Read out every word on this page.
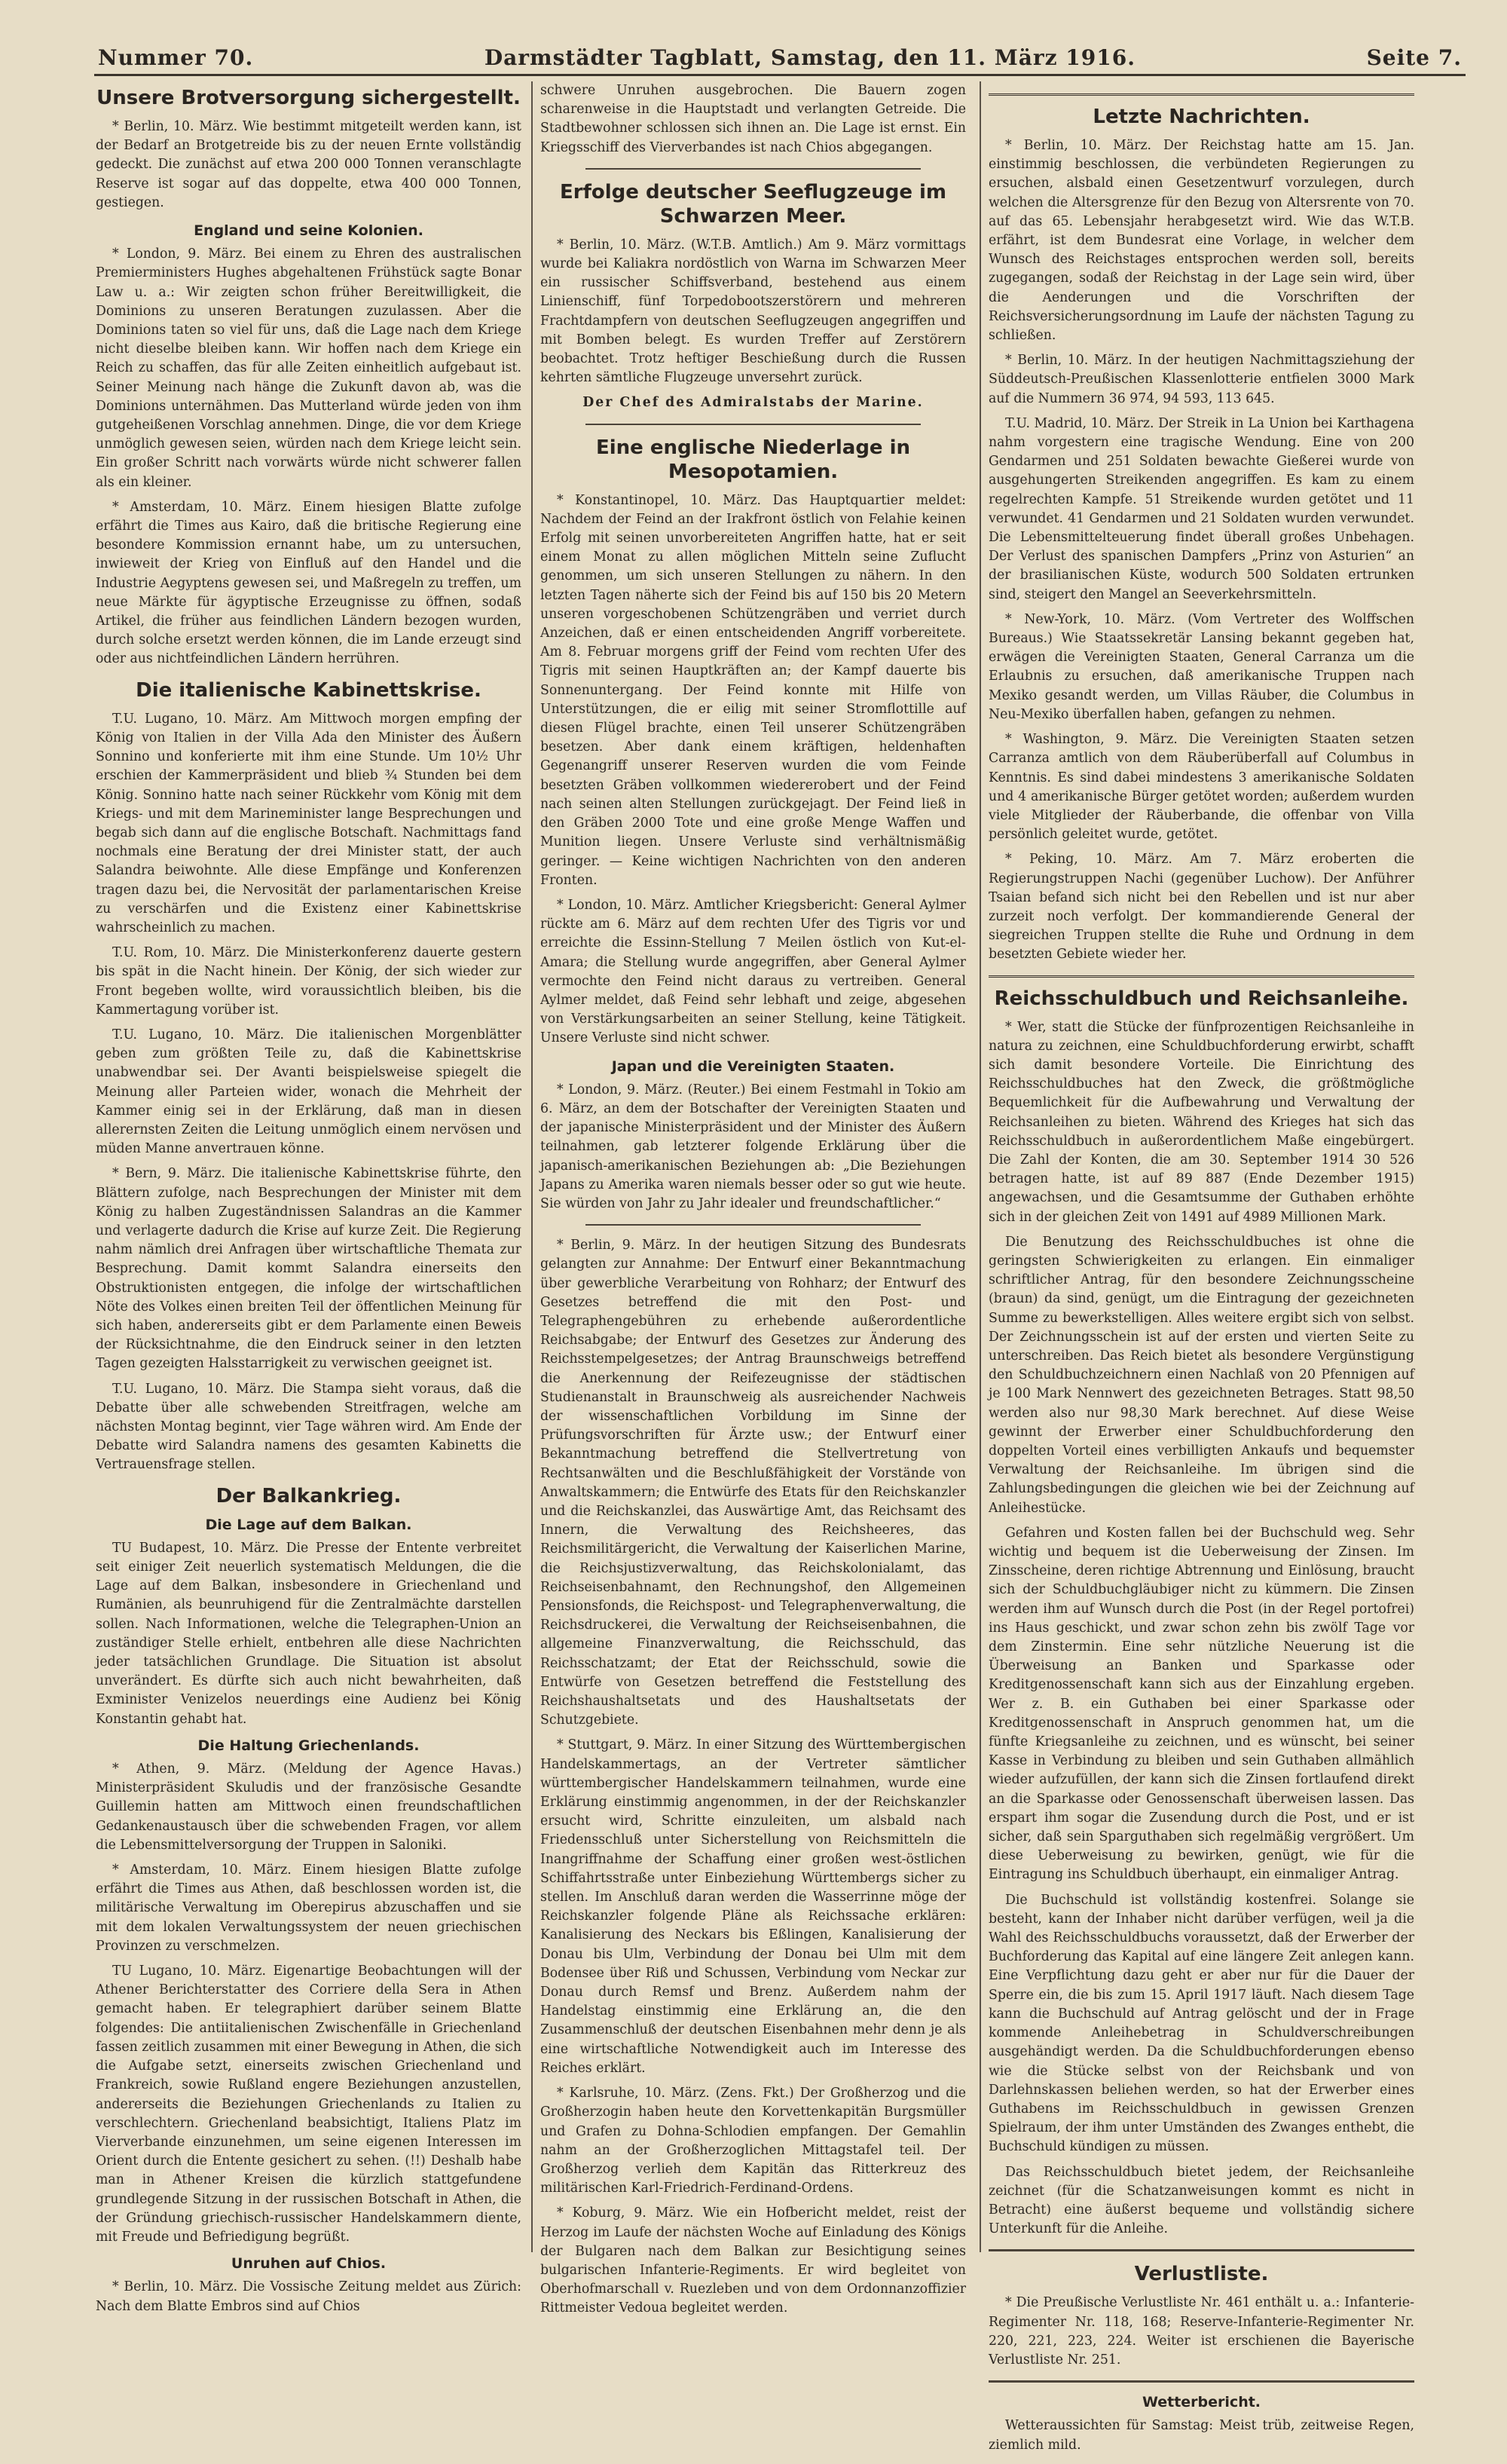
Nummer 70.	Darmstädter Tagblatt, Samstag, den 11. März 1916.	Seite 7.
Unsere Brotversorgung sichergestellt.

* Berlin, 10. März. Wie bestimmt mitgeteilt werden kann, ist der Bedarf an Brotgetreide bis zu der neuen Ernte vollständig gedeckt. Die zunächst auf etwa 200 000 Tonnen veranschlagte Reserve ist sogar auf das doppelte, etwa 400 000 Tonnen, gestiegen.

England und seine Kolonien.

* London, 9. März. Bei einem zu Ehren des australischen Premierministers Hughes abgehaltenen Frühstück sagte Bonar Law u. a.: Wir zeigten schon früher Bereitwilligkeit, die Dominions zu unseren Beratungen zuzulassen. Aber die Dominions taten so viel für uns, daß die Lage nach dem Kriege nicht dieselbe bleiben kann. Wir hoffen nach dem Kriege ein Reich zu schaffen, das für alle Zeiten einheitlich aufgebaut ist. Seiner Meinung nach hänge die Zukunft davon ab, was die Dominions unternähmen. Das Mutterland würde jeden von ihm gutgeheißenen Vorschlag annehmen. Dinge, die vor dem Kriege unmöglich gewesen seien, würden nach dem Kriege leicht sein. Ein großer Schritt nach vorwärts würde nicht schwerer fallen als ein kleiner.

* Amsterdam, 10. März. Einem hiesigen Blatte zufolge erfährt die Times aus Kairo, daß die britische Regierung eine besondere Kommission ernannt habe, um zu untersuchen, inwieweit der Krieg von Einfluß auf den Handel und die Industrie Aegyptens gewesen sei, und Maßregeln zu treffen, um neue Märkte für ägyptische Erzeugnisse zu öffnen, sodaß Artikel, die früher aus feindlichen Ländern bezogen wurden, durch solche ersetzt werden können, die im Lande erzeugt sind oder aus nichtfeindlichen Ländern herrühren.

Die italienische Kabinettskrise.

T.U. Lugano, 10. März. Am Mittwoch morgen empfing der König von Italien in der Villa Ada den Minister des Äußern Sonnino und konferierte mit ihm eine Stunde. Um 10½ Uhr erschien der Kammerpräsident und blieb ¾ Stunden bei dem König. Sonnino hatte nach seiner Rückkehr vom König mit dem Kriegs- und mit dem Marineminister lange Besprechungen und begab sich dann auf die englische Botschaft. Nachmittags fand nochmals eine Beratung der drei Minister statt, der auch Salandra beiwohnte. Alle diese Empfänge und Konferenzen tragen dazu bei, die Nervosität der parlamentarischen Kreise zu verschärfen und die Existenz einer Kabinettskrise wahrscheinlich zu machen.

T.U. Rom, 10. März. Die Ministerkonferenz dauerte gestern bis spät in die Nacht hinein. Der König, der sich wieder zur Front begeben wollte, wird voraussichtlich bleiben, bis die Kammertagung vorüber ist.

T.U. Lugano, 10. März. Die italienischen Morgenblätter geben zum größten Teile zu, daß die Kabinettskrise unabwendbar sei. Der Avanti beispielsweise spiegelt die Meinung aller Parteien wider, wonach die Mehrheit der Kammer einig sei in der Erklärung, daß man in diesen allerernsten Zeiten die Leitung unmöglich einem nervösen und müden Manne anvertrauen könne.

* Bern, 9. März. Die italienische Kabinettskrise führte, den Blättern zufolge, nach Besprechungen der Minister mit dem König zu halben Zugeständnissen Salandras an die Kammer und verlagerte dadurch die Krise auf kurze Zeit. Die Regierung nahm nämlich drei Anfragen über wirtschaftliche Themata zur Besprechung. Damit kommt Salandra einerseits den Obstruktionisten entgegen, die infolge der wirtschaftlichen Nöte des Volkes einen breiten Teil der öffentlichen Meinung für sich haben, andererseits gibt er dem Parlamente einen Beweis der Rücksichtnahme, die den Eindruck seiner in den letzten Tagen gezeigten Halsstarrigkeit zu verwischen geeignet ist.

T.U. Lugano, 10. März. Die Stampa sieht voraus, daß die Debatte über alle schwebenden Streitfragen, welche am nächsten Montag beginnt, vier Tage währen wird. Am Ende der Debatte wird Salandra namens des gesamten Kabinetts die Vertrauensfrage stellen.

Der Balkankrieg.
Die Lage auf dem Balkan.

TU Budapest, 10. März. Die Presse der Entente verbreitet seit einiger Zeit neuerlich systematisch Meldungen, die die Lage auf dem Balkan, insbesondere in Griechenland und Rumänien, als beunruhigend für die Zentralmächte darstellen sollen. Nach Informationen, welche die Telegraphen-Union an zuständiger Stelle erhielt, entbehren alle diese Nachrichten jeder tatsächlichen Grundlage. Die Situation ist absolut unverändert. Es dürfte sich auch nicht bewahrheiten, daß Exminister Venizelos neuerdings eine Audienz bei König Konstantin gehabt hat.

Die Haltung Griechenlands.

* Athen, 9. März. (Meldung der Agence Havas.) Ministerpräsident Skuludis und der französische Gesandte Guillemin hatten am Mittwoch einen freundschaftlichen Gedankenaustausch über die schwebenden Fragen, vor allem die Lebensmittelversorgung der Truppen in Saloniki.

* Amsterdam, 10. März. Einem hiesigen Blatte zufolge erfährt die Times aus Athen, daß beschlossen worden ist, die militärische Verwaltung im Oberepirus abzuschaffen und sie mit dem lokalen Verwaltungssystem der neuen griechischen Provinzen zu verschmelzen.

TU Lugano, 10. März. Eigenartige Beobachtungen will der Athener Berichterstatter des Corriere della Sera in Athen gemacht haben. Er telegraphiert darüber seinem Blatte folgendes: Die antiitalienischen Zwischenfälle in Griechenland fassen zeitlich zusammen mit einer Bewegung in Athen, die sich die Aufgabe setzt, einerseits zwischen Griechenland und Frankreich, sowie Rußland engere Beziehungen anzustellen, andererseits die Beziehungen Griechenlands zu Italien zu verschlechtern. Griechenland beabsichtigt, Italiens Platz im Vierverbande einzunehmen, um seine eigenen Interessen im Orient durch die Entente gesichert zu sehen. (!!) Deshalb habe man in Athener Kreisen die kürzlich stattgefundene grundlegende Sitzung in der russischen Botschaft in Athen, die der Gründung griechisch-russischer Handelskammern diente, mit Freude und Befriedigung begrüßt.

Unruhen auf Chios.

* Berlin, 10. März. Die Vossische Zeitung meldet aus Zürich: Nach dem Blatte Embros sind auf Chios

schwere Unruhen ausgebrochen. Die Bauern zogen scharenweise in die Hauptstadt und verlangten Getreide. Die Stadtbewohner schlossen sich ihnen an. Die Lage ist ernst. Ein Kriegsschiff des Vierverbandes ist nach Chios abgegangen.

Erfolge deutscher Seeflugzeuge im Schwarzen Meer.

* Berlin, 10. März. (W.T.B. Amtlich.) Am 9. März vormittags wurde bei Kaliakra nordöstlich von Warna im Schwarzen Meer ein russischer Schiffsverband, bestehend aus einem Linienschiff, fünf Torpedobootszerstörern und mehreren Frachtdampfern von deutschen Seeflugzeugen angegriffen und mit Bomben belegt. Es wurden Treffer auf Zerstörern beobachtet. Trotz heftiger Beschießung durch die Russen kehrten sämtliche Flugzeuge unversehrt zurück.

Der Chef des Admiralstabs der Marine.
Eine englische Niederlage in Mesopotamien.

* Konstantinopel, 10. März. Das Hauptquartier meldet: Nachdem der Feind an der Irakfront östlich von Felahie keinen Erfolg mit seinen unvorbereiteten Angriffen hatte, hat er seit einem Monat zu allen möglichen Mitteln seine Zuflucht genommen, um sich unseren Stellungen zu nähern. In den letzten Tagen näherte sich der Feind bis auf 150 bis 20 Metern unseren vorgeschobenen Schützengräben und verriet durch Anzeichen, daß er einen entscheidenden Angriff vorbereitete. Am 8. Februar morgens griff der Feind vom rechten Ufer des Tigris mit seinen Hauptkräften an; der Kampf dauerte bis Sonnenuntergang. Der Feind konnte mit Hilfe von Unterstützungen, die er eilig mit seiner Stromflottille auf diesen Flügel brachte, einen Teil unserer Schützengräben besetzen. Aber dank einem kräftigen, heldenhaften Gegenangriff unserer Reserven wurden die vom Feinde besetzten Gräben vollkommen wiedererobert und der Feind nach seinen alten Stellungen zurückgejagt. Der Feind ließ in den Gräben 2000 Tote und eine große Menge Waffen und Munition liegen. Unsere Verluste sind verhältnismäßig geringer. — Keine wichtigen Nachrichten von den anderen Fronten.

* London, 10. März. Amtlicher Kriegsbericht: General Aylmer rückte am 6. März auf dem rechten Ufer des Tigris vor und erreichte die Essinn-Stellung 7 Meilen östlich von Kut-el-Amara; die Stellung wurde angegriffen, aber General Aylmer vermochte den Feind nicht daraus zu vertreiben. General Aylmer meldet, daß Feind sehr lebhaft und zeige, abgesehen von Verstärkungsarbeiten an seiner Stellung, keine Tätigkeit. Unsere Verluste sind nicht schwer.

Japan und die Vereinigten Staaten.

* London, 9. März. (Reuter.) Bei einem Festmahl in Tokio am 6. März, an dem der Botschafter der Vereinigten Staaten und der japanische Ministerpräsident und der Minister des Äußern teilnahmen, gab letzterer folgende Erklärung über die japanisch-amerikanischen Beziehungen ab: „Die Beziehungen Japans zu Amerika waren niemals besser oder so gut wie heute. Sie würden von Jahr zu Jahr idealer und freundschaftlicher.“

* Berlin, 9. März. In der heutigen Sitzung des Bundesrats gelangten zur Annahme: Der Entwurf einer Bekanntmachung über gewerbliche Verarbeitung von Rohharz; der Entwurf des Gesetzes betreffend die mit den Post- und Telegraphengebühren zu erhebende außerordentliche Reichsabgabe; der Entwurf des Gesetzes zur Änderung des Reichsstempelgesetzes; der Antrag Braunschweigs betreffend die Anerkennung der Reifezeugnisse der städtischen Studienanstalt in Braunschweig als ausreichender Nachweis der wissenschaftlichen Vorbildung im Sinne der Prüfungsvorschriften für Ärzte usw.; der Entwurf einer Bekanntmachung betreffend die Stellvertretung von Rechtsanwälten und die Beschlußfähigkeit der Vorstände von Anwaltskammern; die Entwürfe des Etats für den Reichskanzler und die Reichskanzlei, das Auswärtige Amt, das Reichsamt des Innern, die Verwaltung des Reichsheeres, das Reichsmilitärgericht, die Verwaltung der Kaiserlichen Marine, die Reichsjustizverwaltung, das Reichskolonialamt, das Reichseisenbahnamt, den Rechnungshof, den Allgemeinen Pensionsfonds, die Reichspost- und Telegraphenverwaltung, die Reichsdruckerei, die Verwaltung der Reichseisenbahnen, die allgemeine Finanzverwaltung, die Reichsschuld, das Reichsschatzamt; der Etat der Reichsschuld, sowie die Entwürfe von Gesetzen betreffend die Feststellung des Reichshaushaltsetats und des Haushaltsetats der Schutzgebiete.

* Stuttgart, 9. März. In einer Sitzung des Württembergischen Handelskammertags, an der Vertreter sämtlicher württembergischer Handelskammern teilnahmen, wurde eine Erklärung einstimmig angenommen, in der der Reichskanzler ersucht wird, Schritte einzuleiten, um alsbald nach Friedensschluß unter Sicherstellung von Reichsmitteln die Inangriffnahme der Schaffung einer großen west-östlichen Schiffahrtsstraße unter Einbeziehung Württembergs sicher zu stellen. Im Anschluß daran werden die Wasserrinne möge der Reichskanzler folgende Pläne als Reichssache erklären: Kanalisierung des Neckars bis Eßlingen, Kanalisierung der Donau bis Ulm, Verbindung der Donau bei Ulm mit dem Bodensee über Riß und Schussen, Verbindung vom Neckar zur Donau durch Remsf und Brenz. Außerdem nahm der Handelstag einstimmig eine Erklärung an, die den Zusammenschluß der deutschen Eisenbahnen mehr denn je als eine wirtschaftliche Notwendigkeit auch im Interesse des Reiches erklärt.

* Karlsruhe, 10. März. (Zens. Fkt.) Der Großherzog und die Großherzogin haben heute den Korvettenkapitän Burgsmüller und Grafen zu Dohna-Schlodien empfangen. Der Gemahlin nahm an der Großherzoglichen Mittagstafel teil. Der Großherzog verlieh dem Kapitän das Ritterkreuz des militärischen Karl-Friedrich-Ferdinand-Ordens.

* Koburg, 9. März. Wie ein Hofbericht meldet, reist der Herzog im Laufe der nächsten Woche auf Einladung des Königs der Bulgaren nach dem Balkan zur Besichtigung seines bulgarischen Infanterie-Regiments. Er wird begleitet von Oberhofmarschall v. Ruezleben und von dem Ordonnanzoffizier Rittmeister Vedoua begleitet werden.

Letzte Nachrichten.

* Berlin, 10. März. Der Reichstag hatte am 15. Jan. einstimmig beschlossen, die verbündeten Regierungen zu ersuchen, alsbald einen Gesetzentwurf vorzulegen, durch welchen die Altersgrenze für den Bezug von Altersrente von 70. auf das 65. Lebensjahr herabgesetzt wird. Wie das W.T.B. erfährt, ist dem Bundesrat eine Vorlage, in welcher dem Wunsch des Reichstages entsprochen werden soll, bereits zugegangen, sodaß der Reichstag in der Lage sein wird, über die Aenderungen und die Vorschriften der Reichsversicherungsordnung im Laufe der nächsten Tagung zu schließen.

* Berlin, 10. März. In der heutigen Nachmittagsziehung der Süddeutsch-Preußischen Klassenlotterie entfielen 3000 Mark auf die Nummern 36 974, 94 593, 113 645.

T.U. Madrid, 10. März. Der Streik in La Union bei Karthagena nahm vorgestern eine tragische Wendung. Eine von 200 Gendarmen und 251 Soldaten bewachte Gießerei wurde von ausgehungerten Streikenden angegriffen. Es kam zu einem regelrechten Kampfe. 51 Streikende wurden getötet und 11 verwundet. 41 Gendarmen und 21 Soldaten wurden verwundet. Die Lebensmittelteuerung findet überall großes Unbehagen. Der Verlust des spanischen Dampfers „Prinz von Asturien“ an der brasilianischen Küste, wodurch 500 Soldaten ertrunken sind, steigert den Mangel an Seeverkehrsmitteln.

* New-York, 10. März. (Vom Vertreter des Wolffschen Bureaus.) Wie Staatssekretär Lansing bekannt gegeben hat, erwägen die Vereinigten Staaten, General Carranza um die Erlaubnis zu ersuchen, daß amerikanische Truppen nach Mexiko gesandt werden, um Villas Räuber, die Columbus in Neu-Mexiko überfallen haben, gefangen zu nehmen.

* Washington, 9. März. Die Vereinigten Staaten setzen Carranza amtlich von dem Räuberüberfall auf Columbus in Kenntnis. Es sind dabei mindestens 3 amerikanische Soldaten und 4 amerikanische Bürger getötet worden; außerdem wurden viele Mitglieder der Räuberbande, die offenbar von Villa persönlich geleitet wurde, getötet.

* Peking, 10. März. Am 7. März eroberten die Regierungstruppen Nachi (gegenüber Luchow). Der Anführer Tsaian befand sich nicht bei den Rebellen und ist nur aber zurzeit noch verfolgt. Der kommandierende General der siegreichen Truppen stellte die Ruhe und Ordnung in dem besetzten Gebiete wieder her.

Reichsschuldbuch und Reichsanleihe.

* Wer, statt die Stücke der fünfprozentigen Reichsanleihe in natura zu zeichnen, eine Schuldbuchforderung erwirbt, schafft sich damit besondere Vorteile. Die Einrichtung des Reichsschuldbuches hat den Zweck, die größtmögliche Bequemlichkeit für die Aufbewahrung und Verwaltung der Reichsanleihen zu bieten. Während des Krieges hat sich das Reichsschuldbuch in außerordentlichem Maße eingebürgert. Die Zahl der Konten, die am 30. September 1914 30 526 betragen hatte, ist auf 89 887 (Ende Dezember 1915) angewachsen, und die Gesamtsumme der Guthaben erhöhte sich in der gleichen Zeit von 1491 auf 4989 Millionen Mark.

Die Benutzung des Reichsschuldbuches ist ohne die geringsten Schwierigkeiten zu erlangen. Ein einmaliger schriftlicher Antrag, für den besondere Zeichnungsscheine (braun) da sind, genügt, um die Eintragung der gezeichneten Summe zu bewerkstelligen. Alles weitere ergibt sich von selbst. Der Zeichnungsschein ist auf der ersten und vierten Seite zu unterschreiben. Das Reich bietet als besondere Vergünstigung den Schuldbuchzeichnern einen Nachlaß von 20 Pfennigen auf je 100 Mark Nennwert des gezeichneten Betrages. Statt 98,50 werden also nur 98,30 Mark berechnet. Auf diese Weise gewinnt der Erwerber einer Schuldbuchforderung den doppelten Vorteil eines verbilligten Ankaufs und bequemster Verwaltung der Reichsanleihe. Im übrigen sind die Zahlungsbedingungen die gleichen wie bei der Zeichnung auf Anleihestücke.

Gefahren und Kosten fallen bei der Buchschuld weg. Sehr wichtig und bequem ist die Ueberweisung der Zinsen. Im Zinsscheine, deren richtige Abtrennung und Einlösung, braucht sich der Schuldbuchgläubiger nicht zu kümmern. Die Zinsen werden ihm auf Wunsch durch die Post (in der Regel portofrei) ins Haus geschickt, und zwar schon zehn bis zwölf Tage vor dem Zinstermin. Eine sehr nützliche Neuerung ist die Überweisung an Banken und Sparkasse oder Kreditgenossenschaft kann sich aus der Einzahlung ergeben. Wer z. B. ein Guthaben bei einer Sparkasse oder Kreditgenossenschaft in Anspruch genommen hat, um die fünfte Kriegsanleihe zu zeichnen, und es wünscht, bei seiner Kasse in Verbindung zu bleiben und sein Guthaben allmählich wieder aufzufüllen, der kann sich die Zinsen fortlaufend direkt an die Sparkasse oder Genossenschaft überweisen lassen. Das erspart ihm sogar die Zusendung durch die Post, und er ist sicher, daß sein Sparguthaben sich regelmäßig vergrößert. Um diese Ueberweisung zu bewirken, genügt, wie für die Eintragung ins Schuldbuch überhaupt, ein einmaliger Antrag.

Die Buchschuld ist vollständig kostenfrei. Solange sie besteht, kann der Inhaber nicht darüber verfügen, weil ja die Wahl des Reichsschuldbuchs voraussetzt, daß der Erwerber der Buchforderung das Kapital auf eine längere Zeit anlegen kann. Eine Verpflichtung dazu geht er aber nur für die Dauer der Sperre ein, die bis zum 15. April 1917 läuft. Nach diesem Tage kann die Buchschuld auf Antrag gelöscht und der in Frage kommende Anleihebetrag in Schuldverschreibungen ausgehändigt werden. Da die Schuldbuchforderungen ebenso wie die Stücke selbst von der Reichsbank und von Darlehnskassen beliehen werden, so hat der Erwerber eines Guthabens im Reichsschuldbuch in gewissen Grenzen Spielraum, der ihm unter Umständen des Zwanges enthebt, die Buchschuld kündigen zu müssen.

Das Reichsschuldbuch bietet jedem, der Reichsanleihe zeichnet (für die Schatzanweisungen kommt es nicht in Betracht) eine äußerst bequeme und vollständig sichere Unterkunft für die Anleihe.

Verlustliste.

* Die Preußische Verlustliste Nr. 461 enthält u. a.: Infanterie-Regimenter Nr. 118, 168; Reserve-Infanterie-Regimenter Nr. 220, 221, 223, 224. Weiter ist erschienen die Bayerische Verlustliste Nr. 251.

Wetterbericht.

Wetteraussichten für Samstag: Meist trüb, zeitweise Regen, ziemlich mild.
